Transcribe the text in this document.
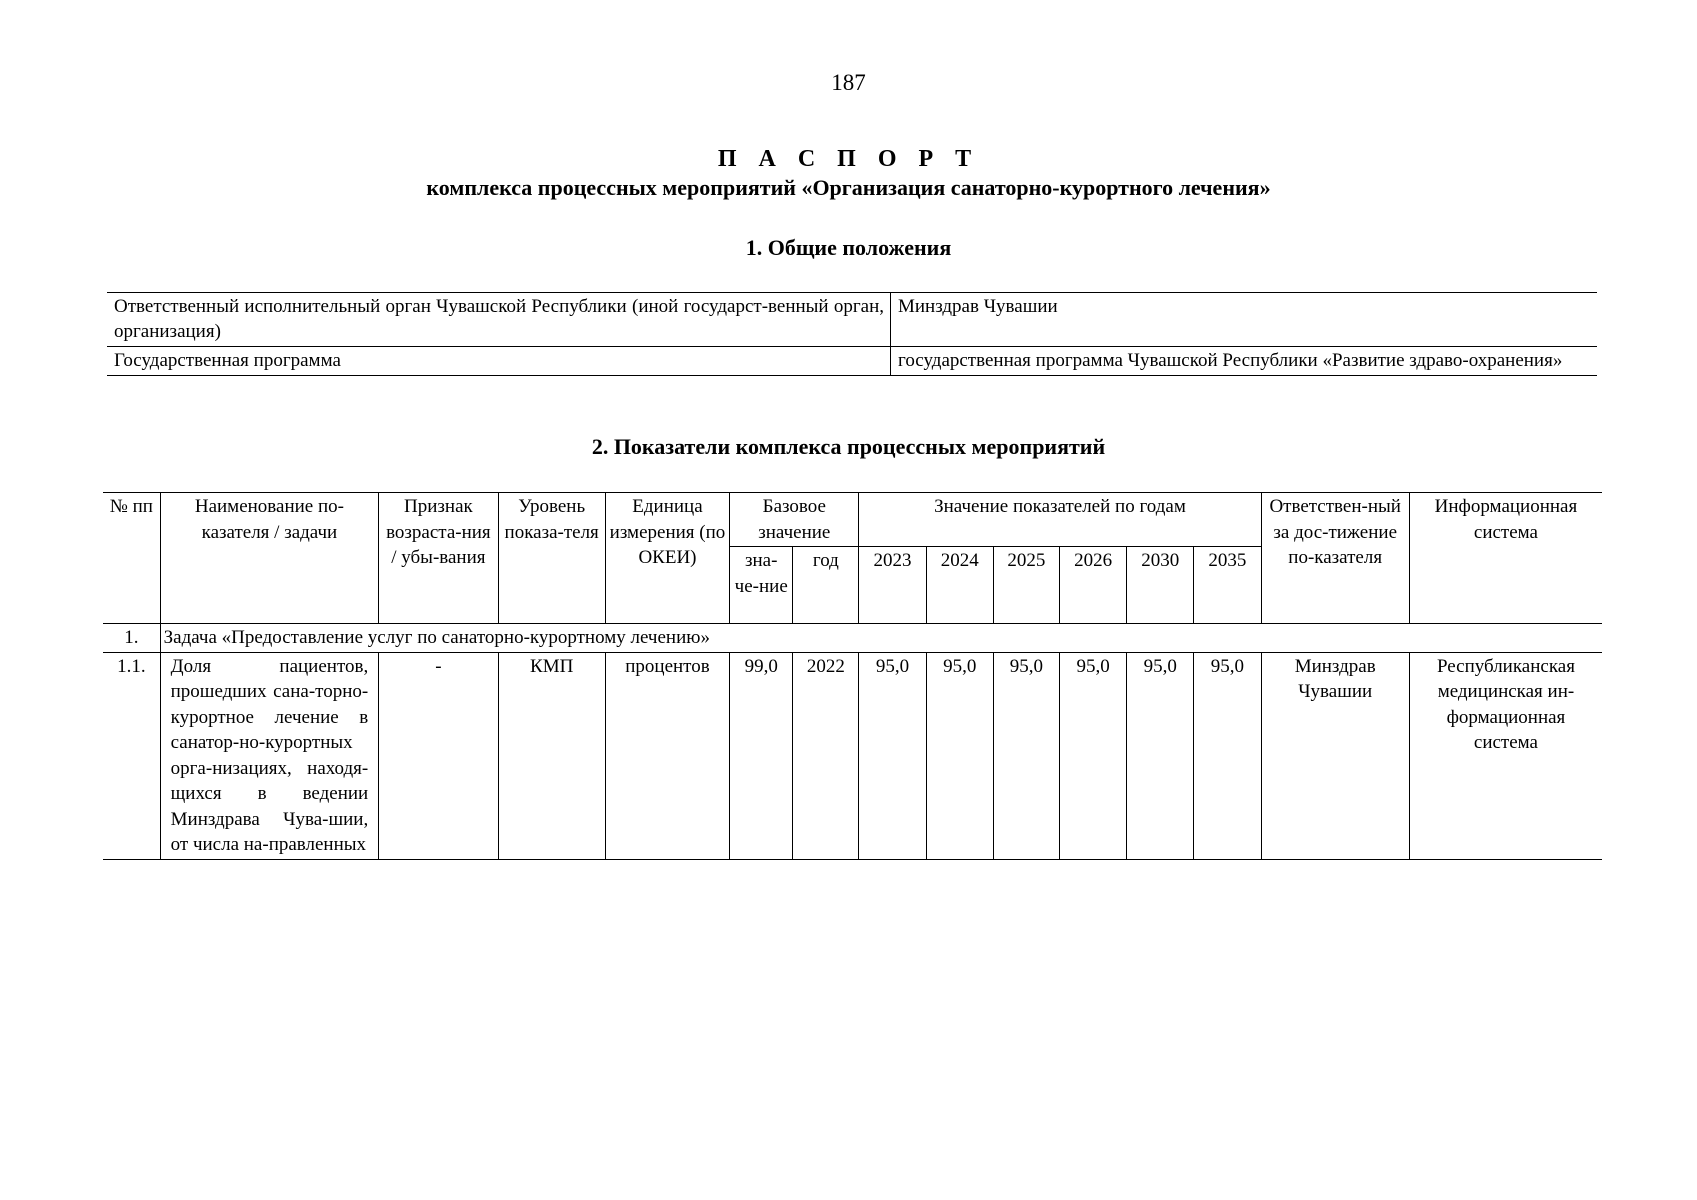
187
П А С П О Р Т
комплекса процессных мероприятий «Организация санаторно-курортного лечения»
1. Общие положения
Ответственный исполнительный орган Чувашской Республики (иной государст-венный орган, организация)	Минздрав Чувашии
Государственная программа	государственная программа Чувашской Республики «Развитие здраво-охранения»
2. Показатели комплекса процессных мероприятий
№ пп	Наименование по-казателя / задачи	Признак возраста-ния / убы-вания	Уровень показа-теля	Единица измерения (по ОКЕИ)	Базовое значение		Значение показателей по годам						Ответствен-ный за дос-тижение по-казателя	Информационная система
					зна-че-ние	год	2023	2024	2025	2026	2030	2035		
1.	Задача «Предоставление услуг по санаторно-курортному лечению»													
1.1.	Доля пациентов, прошедших сана-торно-курортное лечение в санатор-но-курортных орга-низациях, находя-щихся в ведении Минздрава Чува-шии, от числа на-правленных	-	КМП	процентов	99,0	2022	95,0	95,0	95,0	95,0	95,0	95,0	Минздрав Чувашии	Республиканская медицинская ин-формационная система
